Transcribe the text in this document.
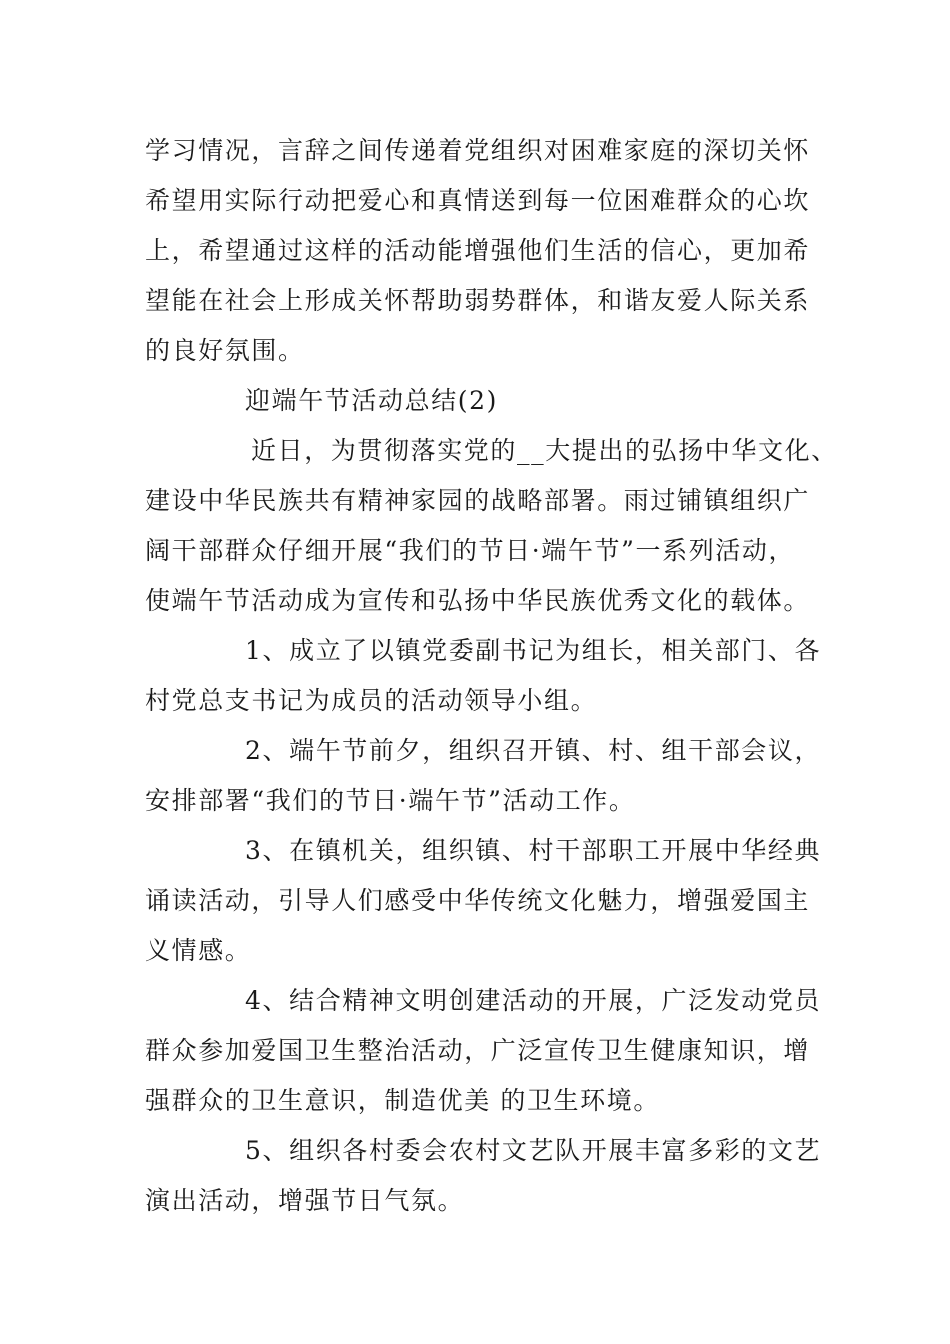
学习情况，言辞之间传递着党组织对困难家庭的深切关怀
希望用实际行动把爱心和真情送到每一位困难群众的心坎
上，希望通过这样的活动能增强他们生活的信心，更加希
望能在社会上形成关怀帮助弱势群体，和谐友爱人际关系
的良好氛围。
迎端午节活动总结(2)
近日，为贯彻落实党的__大提出的弘扬中华文化、
建设中华民族共有精神家园的战略部署。雨过铺镇组织广
阔干部群众仔细开展“我们的节日·端午节”一系列活动，
使端午节活动成为宣传和弘扬中华民族优秀文化的载体。
1、成立了以镇党委副书记为组长，相关部门、各
村党总支书记为成员的活动领导小组。
2、端午节前夕，组织召开镇、村、组干部会议，
安排部署“我们的节日·端午节”活动工作。
3、在镇机关，组织镇、村干部职工开展中华经典
诵读活动，引导人们感受中华传统文化魅力，增强爱国主
义情感。
4、结合精神文明创建活动的开展，广泛发动党员
群众参加爱国卫生整治活动，广泛宣传卫生健康知识，增
强群众的卫生意识，制造优美 的卫生环境。
5、组织各村委会农村文艺队开展丰富多彩的文艺
演出活动，增强节日气氛。
